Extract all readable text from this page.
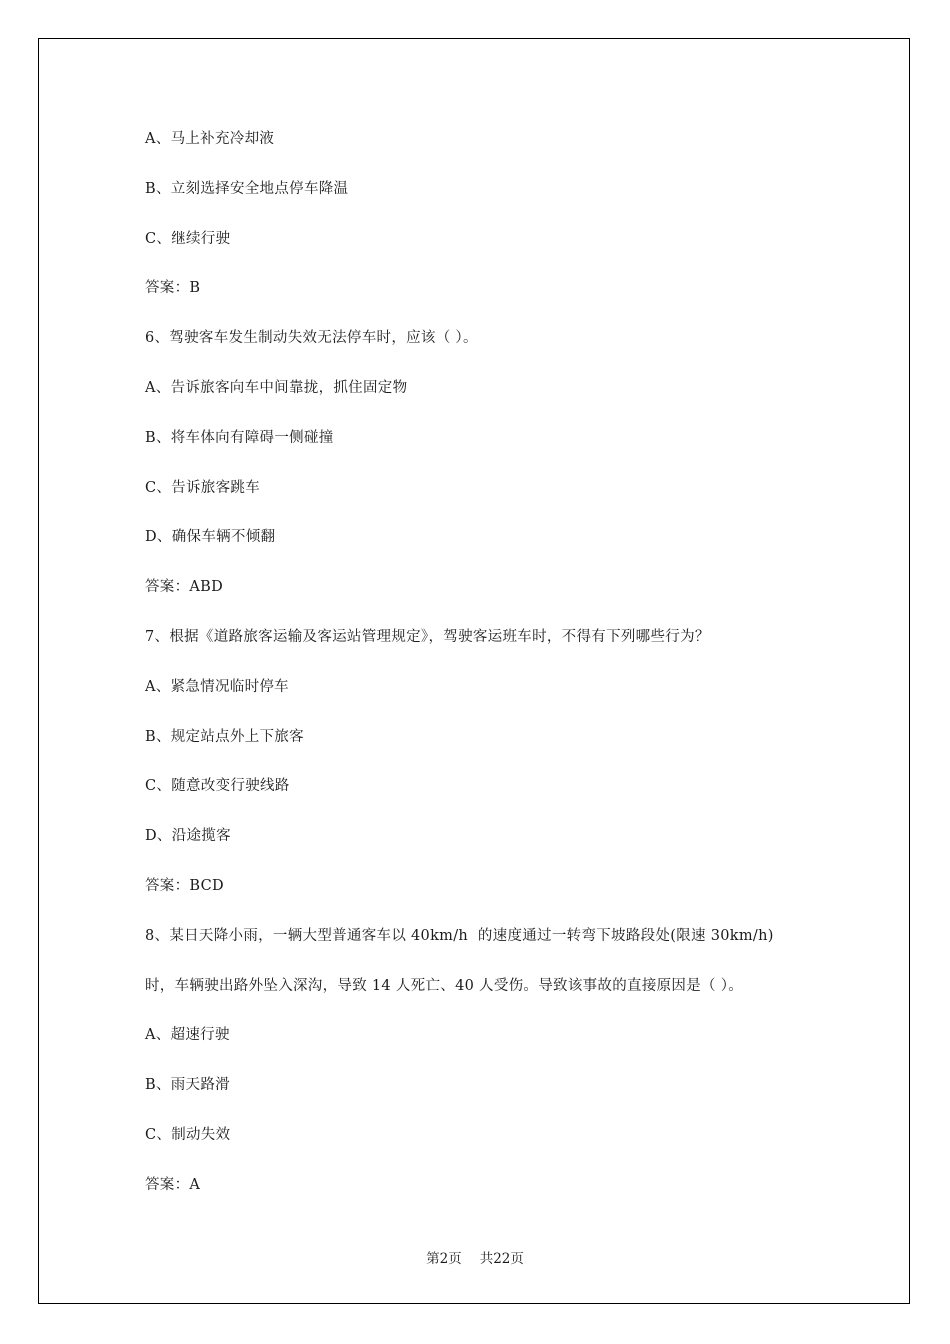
A、马上补充冷却液
B、立刻选择安全地点停车降温
C、继续行驶
答案：B
6、驾驶客车发生制动失效无法停车时，应该（ ）。
A、告诉旅客向车中间靠拢，抓住固定物
B、将车体向有障碍一侧碰撞
C、告诉旅客跳车
D、确保车辆不倾翻
答案：ABD
7、根据《道路旅客运输及客运站管理规定》，驾驶客运班车时，不得有下列哪些行为？
A、紧急情况临时停车
B、规定站点外上下旅客
C、随意改变行驶线路
D、沿途揽客
答案：BCD
8、某日天降小雨，一辆大型普通客车以 40km/h  的速度通过一转弯下坡路段处(限速 30km/h)
时，车辆驶出路外坠入深沟，导致 14 人死亡、40 人受伤。导致该事故的直接原因是（ ）。
A、超速行驶
B、雨天路滑
C、制动失效
答案：A
第2页 共22页
